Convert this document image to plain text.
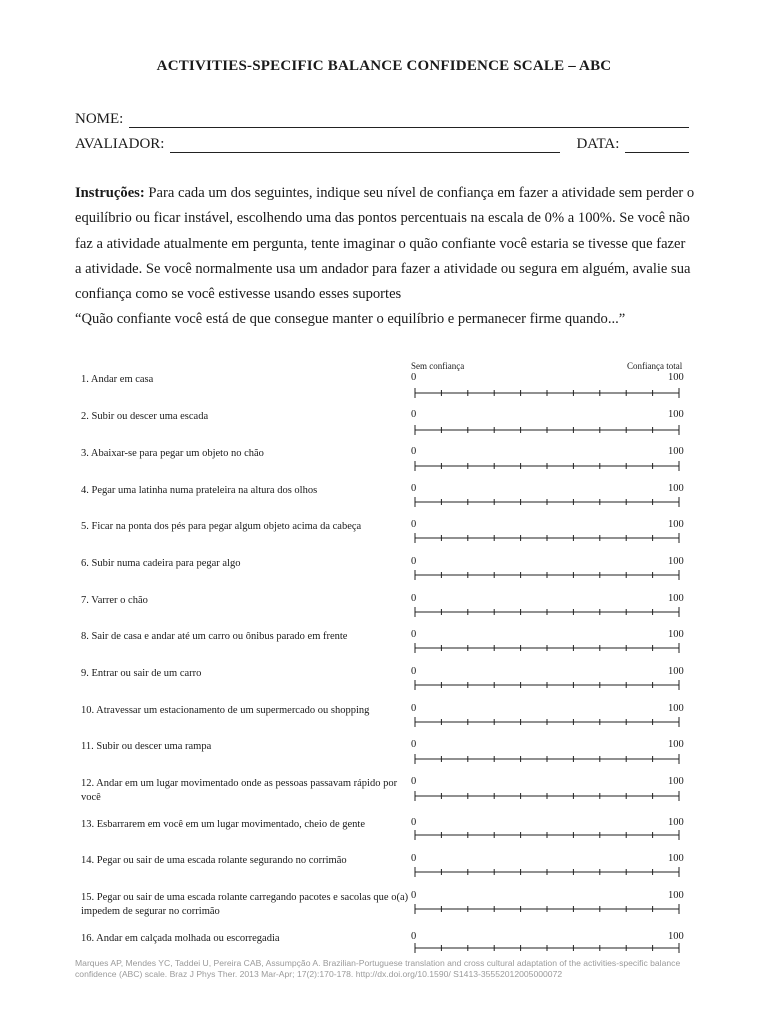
ACTIVITIES-SPECIFIC BALANCE CONFIDENCE SCALE – ABC
NOME:
AVALIADOR:	DATA:
Instruções: Para cada um dos seguintes, indique seu nível de confiança em fazer a atividade sem perder o equilíbrio ou ficar instável, escolhendo uma das pontos percentuais na escala de 0% a 100%. Se você não faz a atividade atualmente em pergunta, tente imaginar o quão confiante você estaria se tivesse que fazer a atividade. Se você normalmente usa um andador para fazer a atividade ou segura em alguém, avalie sua confiança como se você estivesse usando esses suportes
“Quão confiante você está de que consegue manter o equilíbrio e permanecer firme quando...”
Sem confiança	Confiança total
1. Andar em casa	0	100
2. Subir ou descer uma escada	0	100
3. Abaixar-se para pegar um objeto no chão	0	100
4. Pegar uma latinha numa prateleira na altura dos olhos	0	100
5. Ficar na ponta dos pés para pegar algum objeto acima da cabeça	0	100
6. Subir numa cadeira para pegar algo	0	100
7. Varrer o chão	0	100
8. Sair de casa e andar até um carro ou ônibus parado em frente	0	100
9. Entrar ou sair de um carro	0	100
10. Atravessar um estacionamento de um supermercado ou shopping	0	100
11. Subir ou descer uma rampa	0	100
12. Andar em um lugar movimentado onde as pessoas passavam rápido por você
0	100
13. Esbarrarem em você em um lugar movimentado, cheio de gente	0	100
14. Pegar ou sair de uma escada rolante segurando no corrimão	0	100
15. Pegar ou sair de uma escada rolante carregando pacotes e sacolas que o(a) impedem de segurar no corrimão
0	100
16. Andar em calçada molhada ou escorregadia	0	100
Marques AP, Mendes YC, Taddei U, Pereira CAB, Assumpção A. Brazilian-Portuguese translation and cross cultural adaptation of the activities-specific balance confidence (ABC) scale. Braz J Phys Ther. 2013 Mar-Apr; 17(2):170-178. http://dx.doi.org/10.1590/ S1413-35552012005000072
